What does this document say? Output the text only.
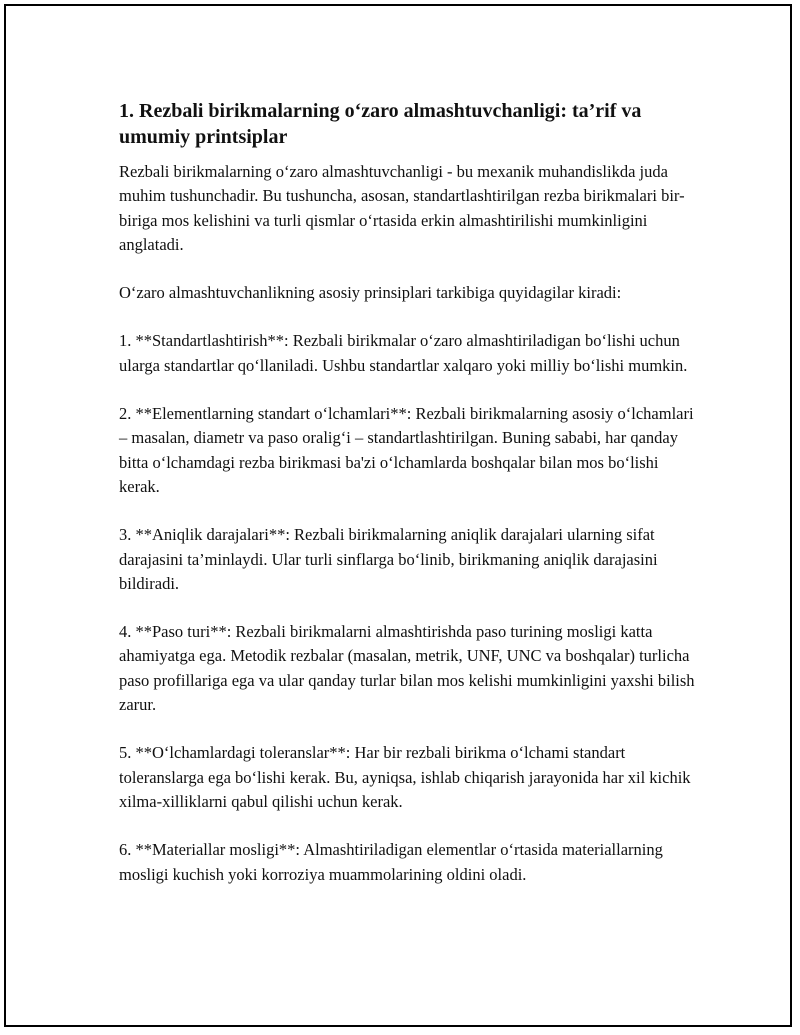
1. Rezbali birikmalarning o‘zaro almashtuvchanligi: ta’rif va umumiy printsiplar

Rezbali birikmalarning o‘zaro almashtuvchanligi - bu mexanik muhandislikda juda muhim tushunchadir. Bu tushuncha, asosan, standartlashtirilgan rezba birikmalari bir-biriga mos kelishini va turli qismlar o‘rtasida erkin almashtirilishi mumkinligini anglatadi.

O‘zaro almashtuvchanlikning asosiy prinsiplari tarkibiga quyidagilar kiradi:

1. **Standartlashtirish**: Rezbali birikmalar o‘zaro almashtiriladigan bo‘lishi uchun ularga standartlar qo‘llaniladi. Ushbu standartlar xalqaro yoki milliy bo‘lishi mumkin.

2. **Elementlarning standart o‘lchamlari**: Rezbali birikmalarning asosiy o‘lchamlari – masalan, diametr va paso oralig‘i – standartlashtirilgan. Buning sababi, har qanday bitta o‘lchamdagi rezba birikmasi ba'zi o‘lchamlarda boshqalar bilan mos bo‘lishi kerak.

3. **Aniqlik darajalari**: Rezbali birikmalarning aniqlik darajalari ularning sifat darajasini ta’minlaydi. Ular turli sinflarga bo‘linib, birikmaning aniqlik darajasini bildiradi.

4. **Paso turi**: Rezbali birikmalarni almashtirishda paso turining mosligi katta ahamiyatga ega. Metodik rezbalar (masalan, metrik, UNF, UNC va boshqalar) turlicha paso profillariga ega va ular qanday turlar bilan mos kelishi mumkinligini yaxshi bilish zarur.

5. **O‘lchamlardagi toleranslar**: Har bir rezbali birikma o‘lchami standart toleranslarga ega bo‘lishi kerak. Bu, ayniqsa, ishlab chiqarish jarayonida har xil kichik xilma-xilliklarni qabul qilishi uchun kerak.

6. **Materiallar mosligi**: Almashtiriladigan elementlar o‘rtasida materiallarning mosligi kuchish yoki korroziya muammolarining oldini oladi.
